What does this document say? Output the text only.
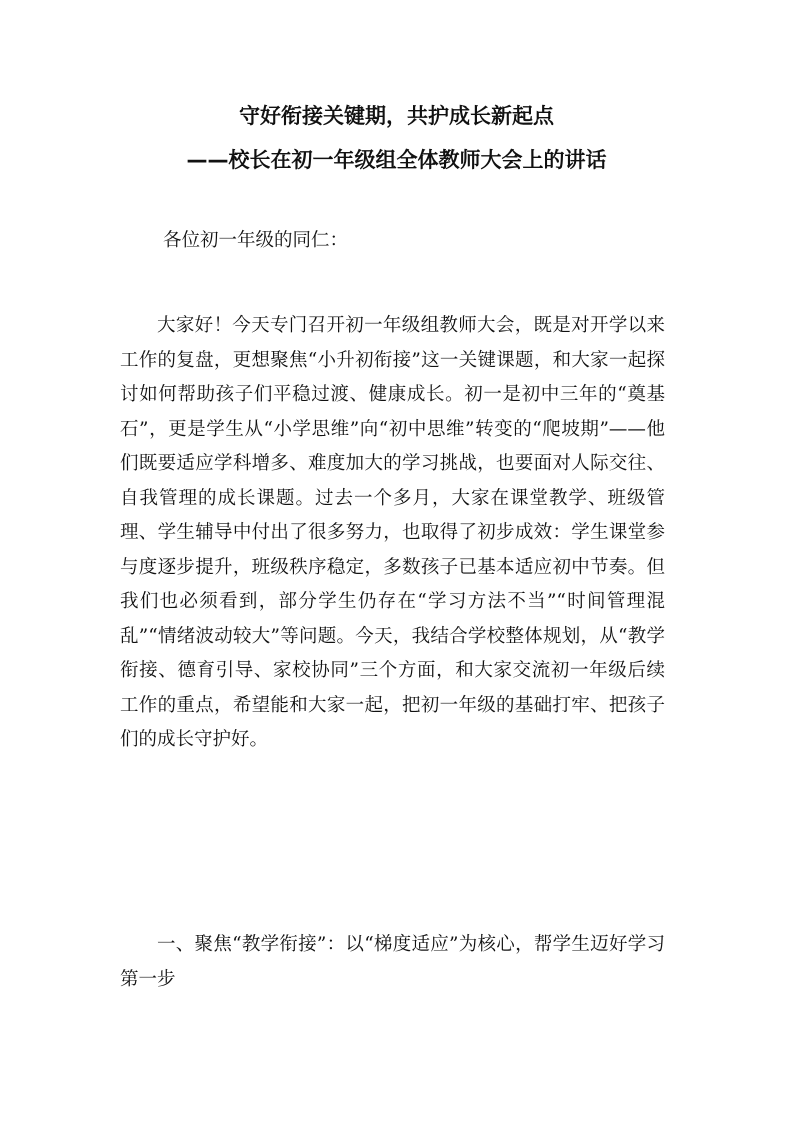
守好衔接关键期，共护成长新起点
——校长在初一年级组全体教师大会上的讲话
各位初一年级的同仁：
大家好！今天专门召开初一年级组教师大会，既是对开学以来工作的复盘，更想聚焦“小升初衔接”这一关键课题，和大家一起探讨如何帮助孩子们平稳过渡、健康成长。初一是初中三年的“奠基石”，更是学生从“小学思维”向“初中思维”转变的“爬坡期”——他们既要适应学科增多、难度加大的学习挑战，也要面对人际交往、自我管理的成长课题。过去一个多月，大家在课堂教学、班级管理、学生辅导中付出了很多努力，也取得了初步成效：学生课堂参与度逐步提升，班级秩序稳定，多数孩子已基本适应初中节奏。但我们也必须看到，部分学生仍存在“学习方法不当”“时间管理混乱”“情绪波动较大”等问题。今天，我结合学校整体规划，从“教学衔接、德育引导、家校协同”三个方面，和大家交流初一年级后续工作的重点，希望能和大家一起，把初一年级的基础打牢、把孩子们的成长守护好。
一、聚焦“教学衔接”：以“梯度适应”为核心，帮学生迈好学习第一步
